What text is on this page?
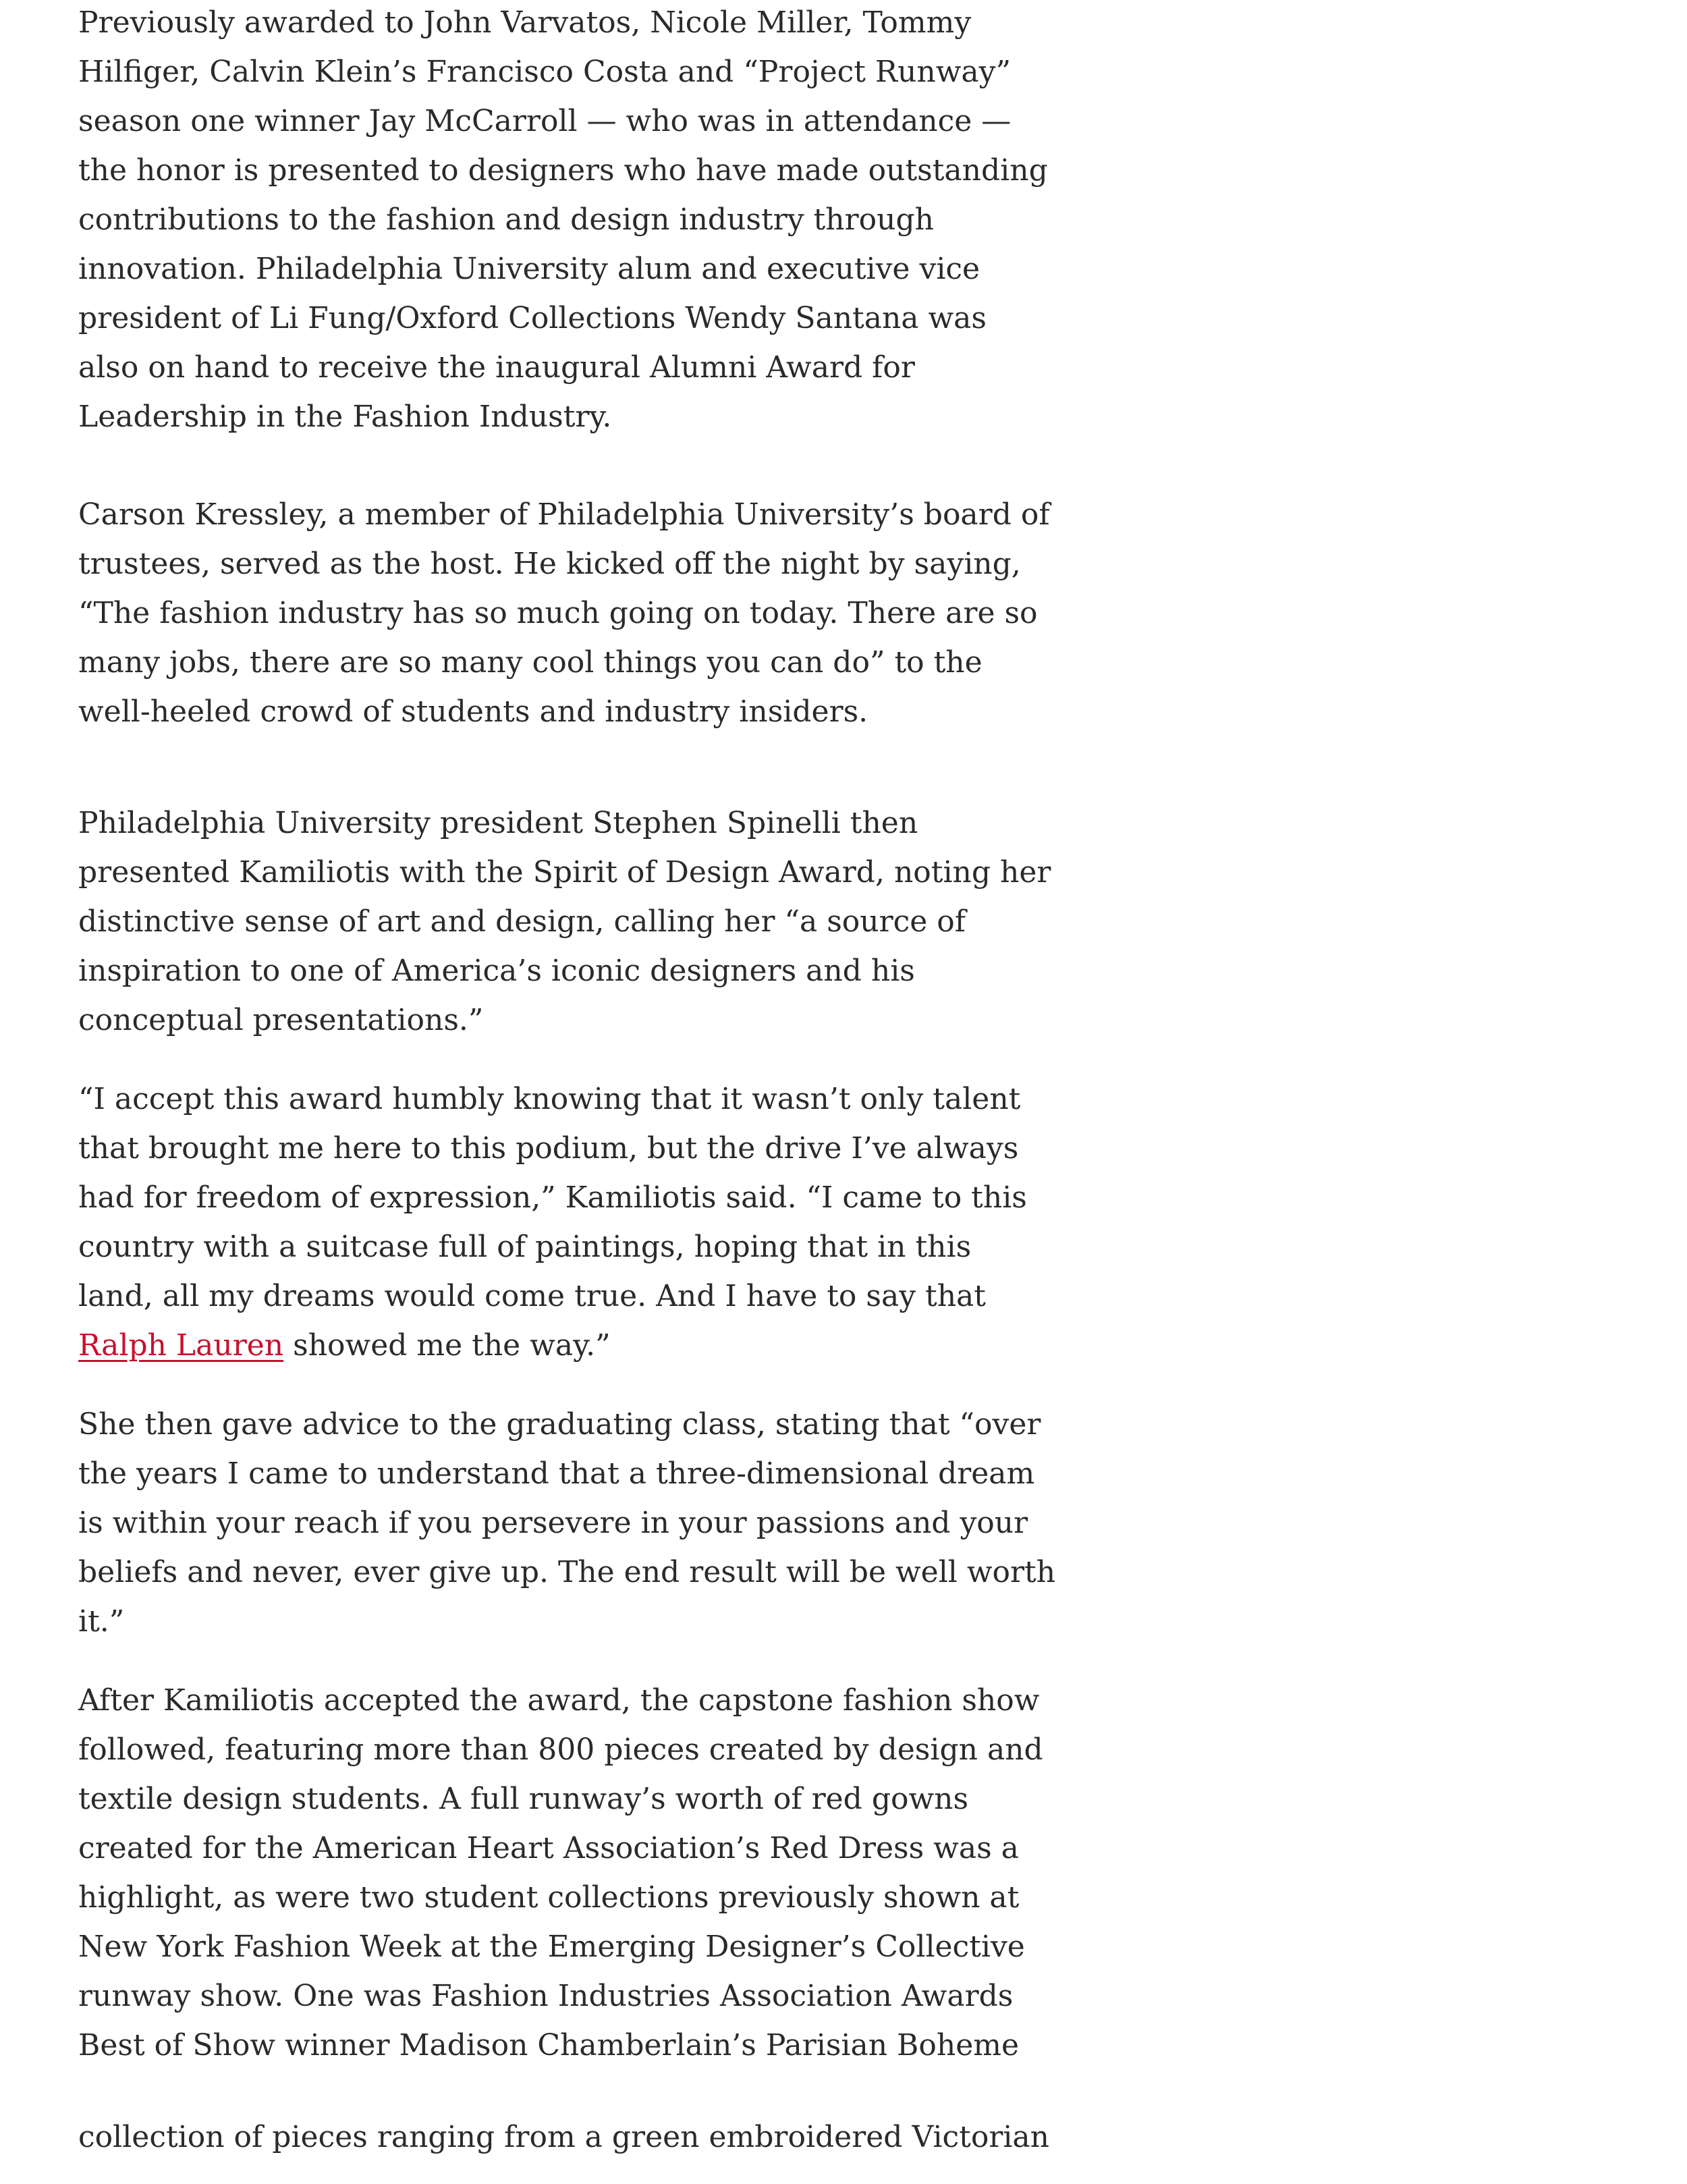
Previously awarded to John Varvatos, Nicole Miller, Tommy
Hilfiger, Calvin Klein’s Francisco Costa and “Project Runway”
season one winner Jay McCarroll — who was in attendance —
the honor is presented to designers who have made outstanding
contributions to the fashion and design industry through
innovation. Philadelphia University alum and executive vice
president of Li Fung/Oxford Collections Wendy Santana was
also on hand to receive the inaugural Alumni Award for
Leadership in the Fashion Industry.

Carson Kressley, a member of Philadelphia University’s board of
trustees, served as the host. He kicked off the night by saying,
“The fashion industry has so much going on today. There are so
many jobs, there are so many cool things you can do” to the
well-heeled crowd of students and industry insiders.

Philadelphia University president Stephen Spinelli then
presented Kamiliotis with the Spirit of Design Award, noting her
distinctive sense of art and design, calling her “a source of
inspiration to one of America’s iconic designers and his
conceptual presentations.”

“I accept this award humbly knowing that it wasn’t only talent
that brought me here to this podium, but the drive I’ve always
had for freedom of expression,” Kamiliotis said. “I came to this
country with a suitcase full of paintings, hoping that in this
land, all my dreams would come true. And I have to say that
Ralph Lauren showed me the way.”

She then gave advice to the graduating class, stating that “over
the years I came to understand that a three-dimensional dream
is within your reach if you persevere in your passions and your
beliefs and never, ever give up. The end result will be well worth
it.”

After Kamiliotis accepted the award, the capstone fashion show
followed, featuring more than 800 pieces created by design and
textile design students. A full runway’s worth of red gowns
created for the American Heart Association’s Red Dress was a
highlight, as were two student collections previously shown at
New York Fashion Week at the Emerging Designer’s Collective
runway show. One was Fashion Industries Association Awards
Best of Show winner Madison Chamberlain’s Parisian Boheme

collection of pieces ranging from a green embroidered Victorian
